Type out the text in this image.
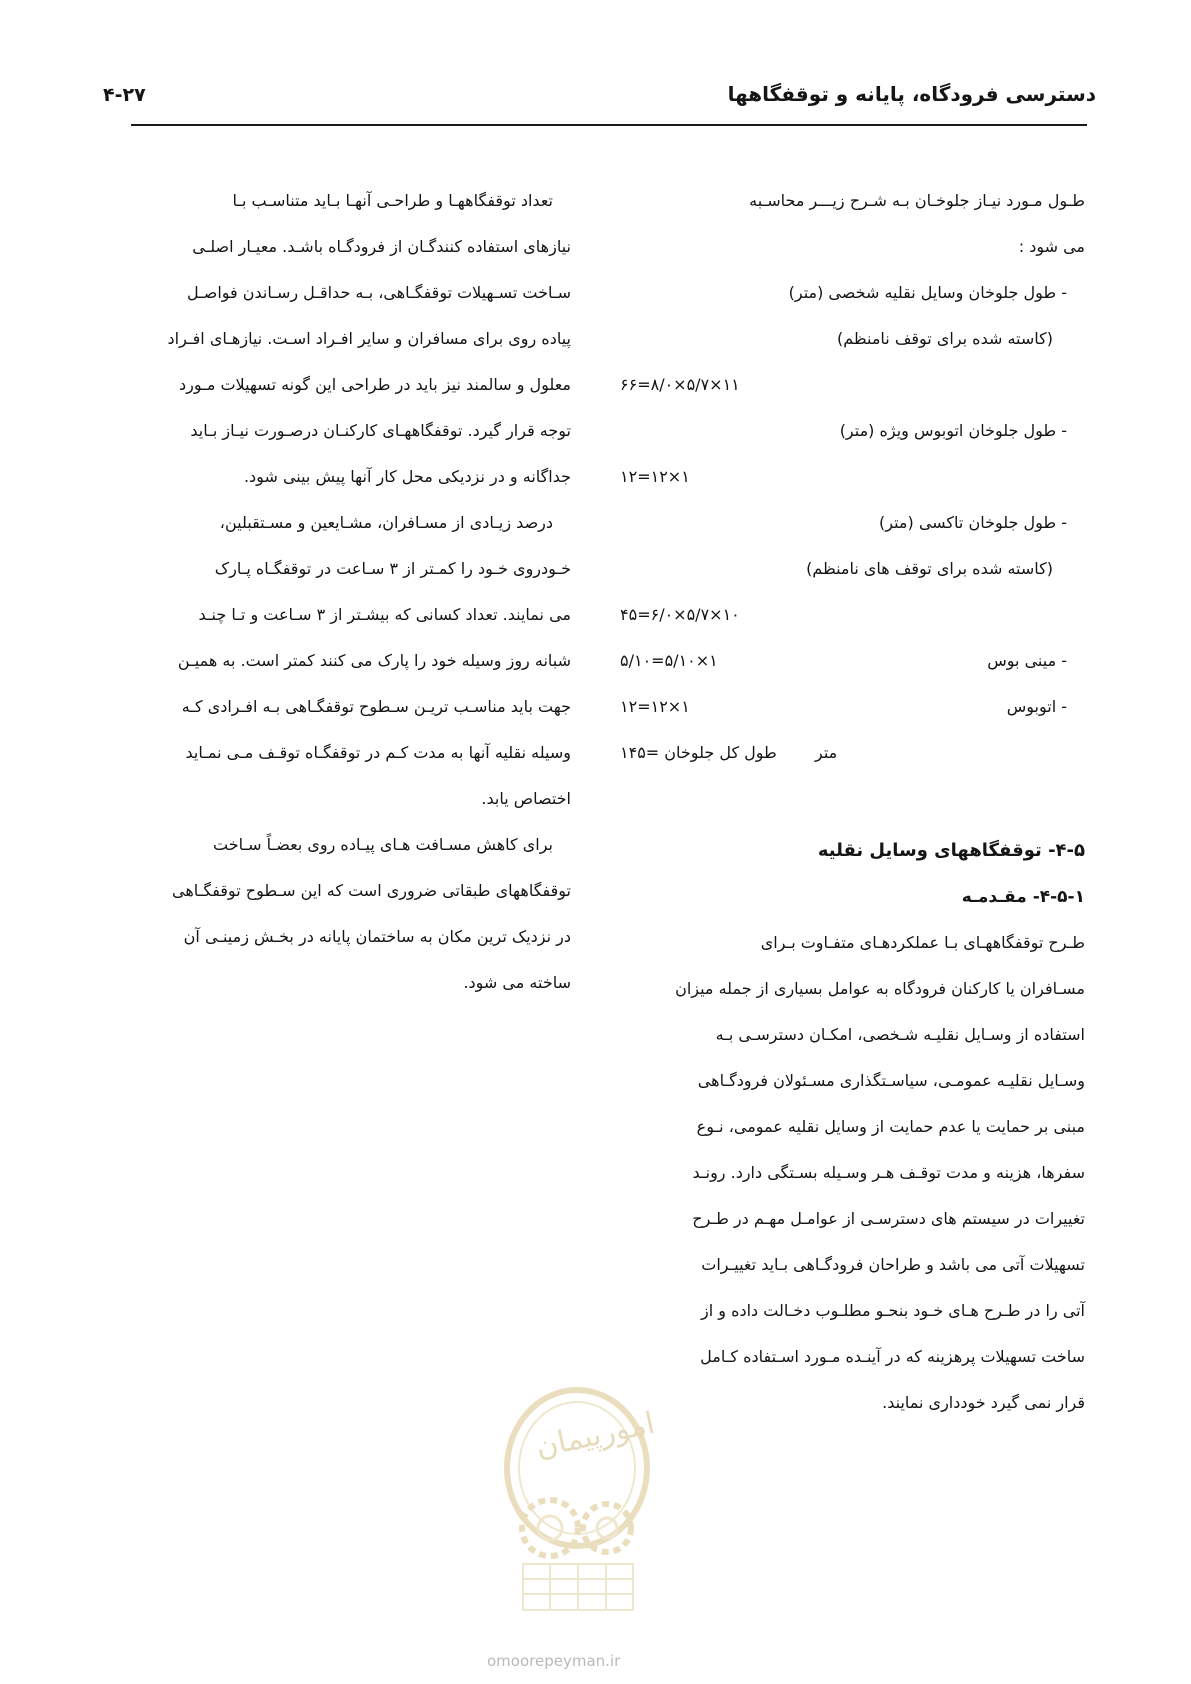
دسترسی فرودگاه، پایانه و توقفگاهها
۴-۲۷
طـول مـورد نیـاز جلوخـان بـه شـرح زیـــر محاسـبه
می شود :
- طول جلوخان وسایل نقلیه شخصی (متر)
(کاسته شده برای توقف نامنظم)
۶۶=۸/۰×۵/۷×۱۱
- طول جلوخان اتوبوس ویژه (متر)
۱۲=۱۲×۱
- طول جلوخان تاکسی (متر)
(کاسته شده برای توقف های نامنظم)
۴۵=۶/۰×۵/۷×۱۰
- مینی بوس
۵/۱۰=۵/۱۰×۱
- اتوبوس
۱۲=۱۲×۱
متر
۱۴۵= طول کل جلوخان
۴-۵- توقفگاههای وسایل نقلیه
۴-۵-۱- مقـدمـه
طـرح توقفگاههـای بـا عملکردهـای متفـاوت بـرای
مسـافران یا کارکنان فرودگاه به عوامل بسیاری از جمله میزان
استفاده از وسـایل نقلیـه شـخصی، امکـان دسترسـی بـه
وسـایل نقلیـه عمومـی، سیاسـتگذاری مسـئولان فرودگـاهی
مبنی بر حمایت یا عدم حمایت از وسایل نقلیه عمومی، نـوع
سفرها، هزینه و مدت توقـف هـر وسـیله بسـتگی دارد. رونـد
تغییرات در سیستم های دسترسـی از عوامـل مهـم در طـرح
تسهیلات آتی می باشد و طراحان فرودگـاهی بـاید تغییـرات
آتی را در طـرح هـای خـود بنحـو مطلـوب دخـالت داده و از
ساخت تسهیلات پرهزینه که در آینـده مـورد اسـتفاده کـامل
قرار نمی گیرد خودداری نمایند.
تعداد توقفگاههـا و طراحـی آنهـا بـاید متناسـب بـا
نیازهای استفاده کنندگـان از فرودگـاه باشـد. معیـار اصلـی
سـاخت تسـهیلات توقفگـاهی، بـه حداقـل رسـاندن فواصـل
پیاده روی برای مسافران و سایر افـراد اسـت. نیازهـای افـراد
معلول و سالمند نیز باید در طراحی این گونه تسهیلات مـورد
توجه قرار گیرد. توقفگاههـای کارکنـان درصـورت نیـاز بـاید
جداگانه و در نزدیکی محل کار آنها پیش بینی شود.
درصد زیـادی از مسـافران، مشـایعین و مسـتقبلین،
خـودروی خـود را کمـتر از ۳ سـاعت در توقفگـاه پـارک
می نمایند. تعداد کسانی که بیشـتر از ۳ سـاعت و تـا چنـد
شبانه روز وسیله خود را پارک می کنند کمتر است. به همیـن
جهت باید مناسـب تریـن سـطوح توقفگـاهی بـه افـرادی کـه
وسیله نقلیه آنها به مدت کـم در توقفگـاه توقـف مـی نمـاید
اختصاص یابد.
برای کاهش مسـافت هـای پیـاده روی بعضـاً سـاخت
توقفگاههای طبقاتی ضروری است که این سـطوح توقفگـاهی
در نزدیک ترین مکان به ساختمان پایانه در بخـش زمینـی آن
ساخته می شود.
امورپیمان
omoorepeyman.ir
